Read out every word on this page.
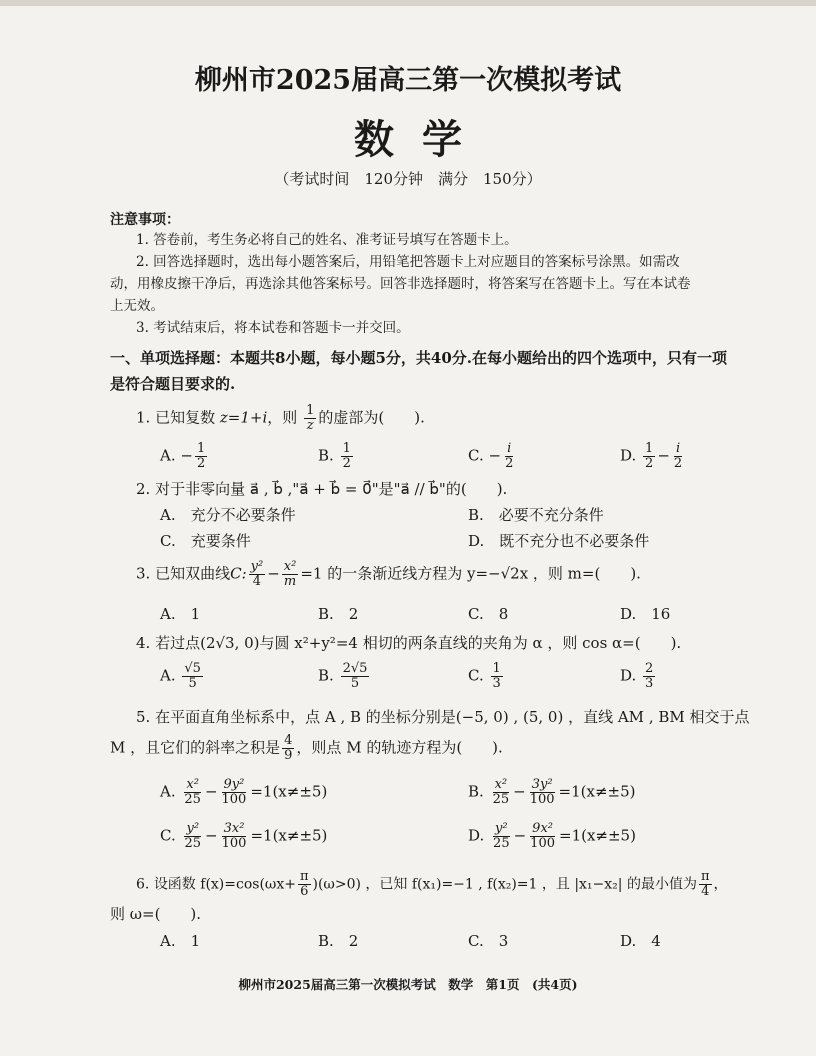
柳州市2025届高三第一次模拟考试
数学
（考试时间　120分钟　满分　150分）
注意事项：
1. 答卷前，考生务必将自己的姓名、准考证号填写在答题卡上。
2. 回答选择题时，选出每小题答案后，用铅笔把答题卡上对应题目的答案标号涂黑。如需改
动，用橡皮擦干净后，再选涂其他答案标号。回答非选择题时，将答案写在答题卡上。写在本试卷
上无效。
3. 考试结束后，将本试卷和答题卡一并交回。
一、单项选择题：本题共8小题，每小题5分，共40分.在每小题给出的四个选项中，只有一项是符合题目要求的.
1. 已知复数 z=1+i，则 $\frac{1}{z}$ 的虚部为(　　).
A. − $\frac{1}{2}$	B. $\frac{1}{2}$	C. − $\frac{i}{2}$	D. $\frac{1}{2} - \frac{i}{2}$
2. 对于非零向量 a⃗ , b⃗ ,"a⃗ + b⃗ = 0⃗"是"a⃗ // b⃗"的(　　).
A.　充分不必要条件	B.　必要不充分条件
C.　充要条件	D.　既不充分也不必要条件
3. 已知双曲线C: $\frac{\text{y²}}{4} - \frac{\text{x²}}{m} =1$ 的一条渐近线方程为 y=−√2x ，则 m=(　　).
A.　1	B.　2	C.　8	D.　16
4. 若过点(2√3, 0)与圆 x²+y²=4 相切的两条直线的夹角为 α ，则 cos α=(　　).
A. $\frac{√5}{5}$	B. $\frac{2√5}{5}$	C. $\frac{1}{3}$	D. $\frac{2}{3}$
5. 在平面直角坐标系中，点 A , B 的坐标分别是(−5, 0) , (5, 0) ，直线 AM , BM 相交于点
M ，且它们的斜率之积是 $\frac{4}{9}$ ，则点 M 的轨迹方程为(　　).
A. $\frac{\text{x²}}{25} - \frac{\text{9y²}}{100} =1(x\ne\pm 5)$	B. $\frac{\text{x²}}{25} - \frac{\text{3y²}}{100} =1(x\ne\pm 5)$
C. $\frac{\text{y²}}{25} - \frac{\text{3x²}}{100} =1(x\ne\pm 5)$	D. $\frac{\text{y²}}{25} - \frac{\text{9x²}}{100} =1(x\ne\pm 5)$
6. 设函数 $f(x)=\cos(\omega x+ \frac{\pi}{6} )(\omega>0)$ ，已知 f(x₁)=−1 , f(x₂)=1 ，且 |x₁−x₂| 的最小值为 $\frac{\pi}{4}$ ，
则 ω=(　　).
A.　1	B.　2	C.　3	D.　4
柳州市2025届高三第一次模拟考试　数学　第1页　(共4页)
